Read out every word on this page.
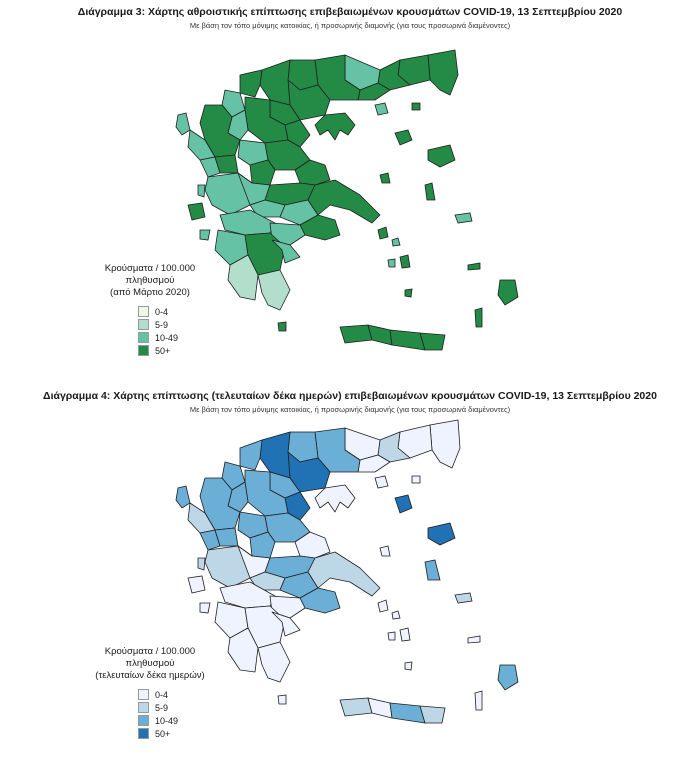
Διάγραμμα 3: Χάρτης αθροιστικής επίπτωσης επιβεβαιωμένων κρουσμάτων COVID-19, 13 Σεπτεμβρίου 2020
Με βάση τον τόπο μόνιμης κατοικίας, ή προσωρινής διαμονής (για τους προσωρινά διαμένοντες)
Κρούσματα / 100.000 πληθυσμού
(από Μάρτιο 2020)
0-4
5-9
10-49
50+
Διάγραμμα 4: Χάρτης επίπτωσης (τελευταίων δέκα ημερών) επιβεβαιωμένων κρουσμάτων COVID-19, 13 Σεπτεμβρίου 2020
Με βάση τον τόπο μόνιμης κατοικίας, ή προσωρινής διαμονής (για τους προσωρινά διαμένοντες)
Κρούσματα / 100.000 πληθυσμού
(τελευταίων δέκα ημερών)
0-4
5-9
10-49
50+
